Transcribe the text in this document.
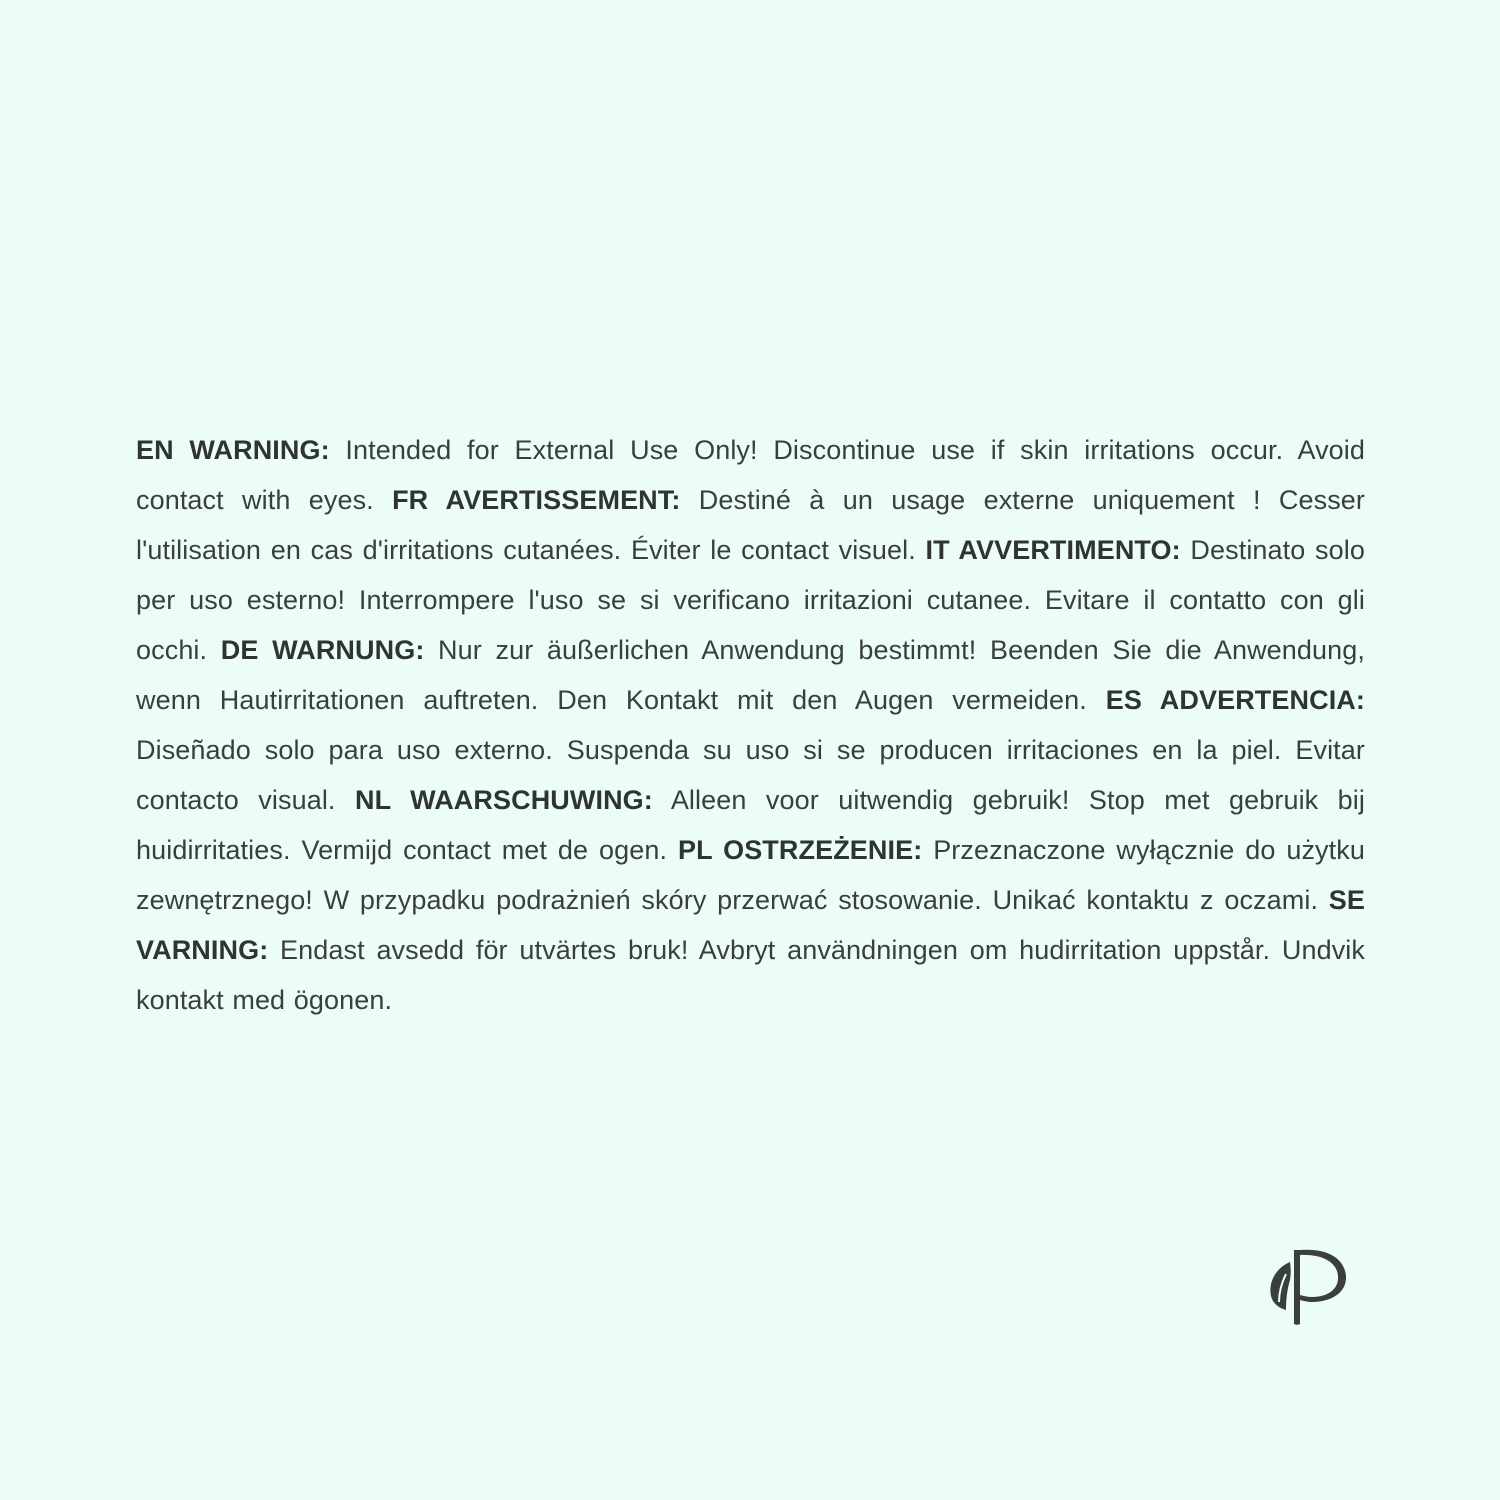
EN WARNING: Intended for External Use Only! Discontinue use if skin irritations occur. Avoid contact with eyes. FR AVERTISSEMENT: Destiné à un usage externe uniquement ! Cesser l'utilisation en cas d'irritations cutanées. Éviter le contact visuel. IT AVVERTIMENTO: Destinato solo per uso esterno! Interrompere l'uso se si verificano irritazioni cutanee. Evitare il contatto con gli occhi. DE WARNUNG: Nur zur äußerlichen Anwendung bestimmt! Beenden Sie die Anwendung, wenn Hautirritationen auftreten. Den Kontakt mit den Augen vermeiden. ES ADVERTENCIA: Diseñado solo para uso externo. Suspenda su uso si se producen irritaciones en la piel. Evitar contacto visual. NL WAARSCHUWING: Alleen voor uitwendig gebruik! Stop met gebruik bij huidirritaties. Vermijd contact met de ogen. PL OSTRZEŻENIE: Przeznaczone wyłącznie do użytku zewnętrznego! W przypadku podrażnień skóry przerwać stosowanie. Unikać kontaktu z oczami. SE VARNING: Endast avsedd för utvärtes bruk! Avbryt användningen om hudirritation uppstår. Undvik kontakt med ögonen.
